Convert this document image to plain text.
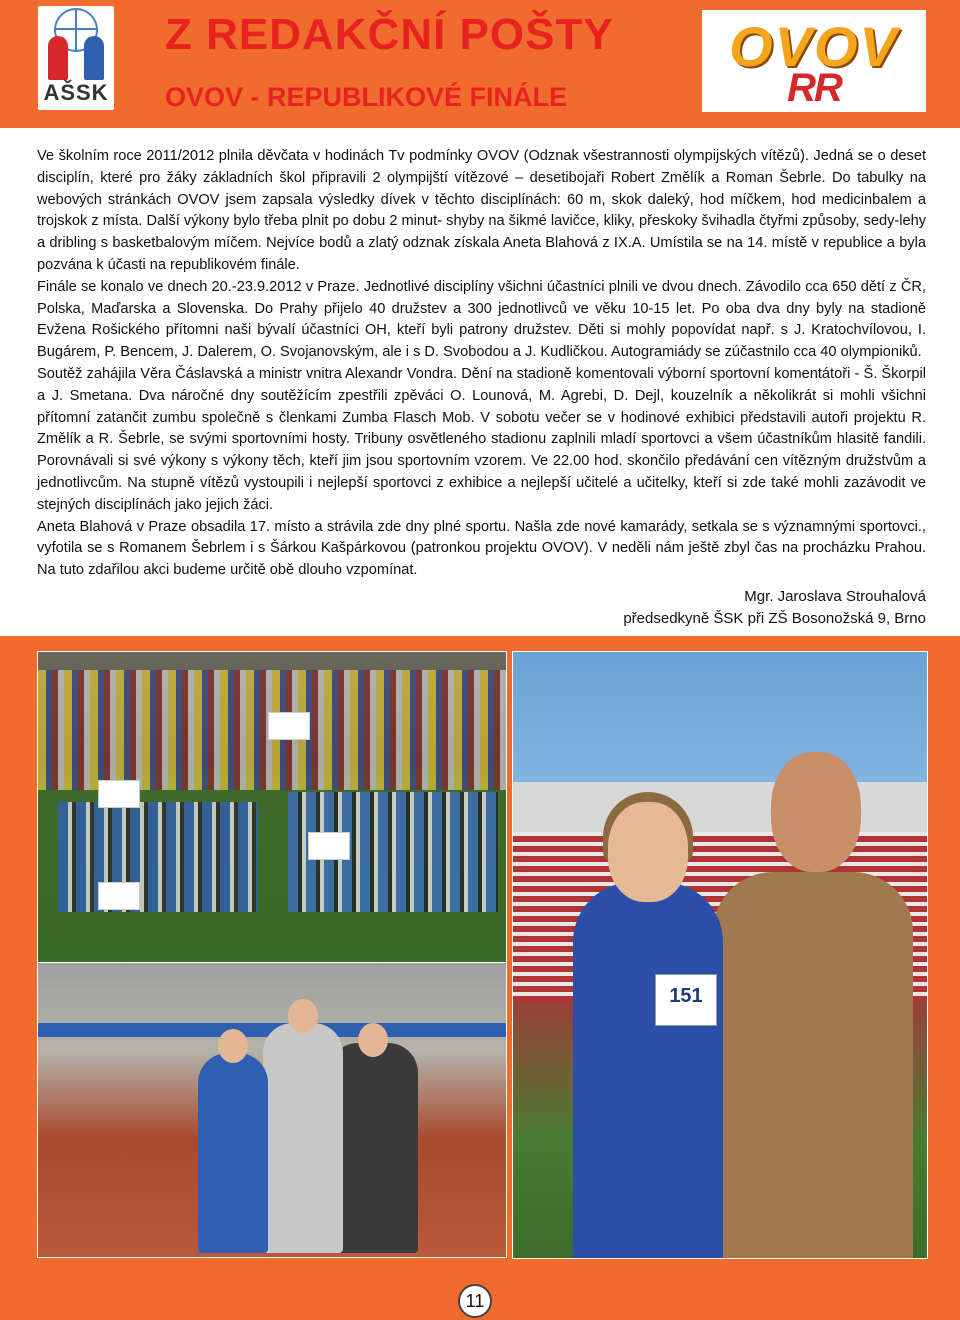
AŠSK
Z REDAKČNÍ POŠTY
OVOV - REPUBLIKOVÉ FINÁLE
OVOV
RR

Ve školním roce 2011/2012 plnila děvčata v hodinách Tv podmínky OVOV (Odznak všestrannosti olympijských vítězů). Jedná se o deset disciplín, které pro žáky základních škol připravili 2 olympijští vítězové – desetibojaři Robert Změlík a Roman Šebrle. Do tabulky na webových stránkách OVOV jsem zapsala výsledky dívek v těchto disciplínách: 60 m, skok daleký, hod míčkem, hod medicinbalem a trojskok z místa. Další výkony bylo třeba plnit po dobu 2 minut- shyby na šikmé lavičce, kliky, přeskoky švihadla čtyřmi způsoby, sedy-lehy a dribling s basketbalovým míčem. Nejvíce bodů a zlatý odznak získala Aneta Blahová z IX.A. Umístila se na 14. místě v republice a byla pozvána k účasti na republikovém finále.

Finále se konalo ve dnech 20.-23.9.2012 v Praze. Jednotlivé disciplíny všichni účastníci plnili ve dvou dnech. Závodilo cca 650 dětí z ČR, Polska, Maďarska a Slovenska. Do Prahy přijelo 40 družstev a 300 jednotlivců ve věku 10-15 let. Po oba dva dny byly na stadioně Evžena Rošického přítomni naši bývalí účastníci OH, kteří byli patrony družstev. Děti si mohly popovídat např. s J. Kratochvílovou, I. Bugárem, P. Bencem, J. Dalerem, O. Svojanovským, ale i s D. Svobodou a J. Kudličkou. Autogramiády se zúčastnilo cca 40 olympioniků.

Soutěž zahájila Věra Čáslavská a ministr vnitra Alexandr Vondra. Dění na stadioně komentovali výborní sportovní komentátoři - Š. Škorpil a J. Smetana. Dva náročné dny soutěžícím zpestřili zpěváci O. Lounová, M. Agrebi, D. Dejl, kouzelník a několikrát si mohli všichni přítomní zatančit zumbu společně s členkami Zumba Flasch Mob. V sobotu večer se v hodinové exhibici představili autoři projektu R. Změlík a R. Šebrle, se svými sportovními hosty. Tribuny osvětleného stadionu zaplnili mladí sportovci a všem účastníkům hlasitě fandili. Porovnávali si své výkony s výkony těch, kteří jim jsou sportovním vzorem. Ve 22.00 hod. skončilo předávání cen vítězným družstvům a jednotlivcům. Na stupně vítězů vystoupili i nejlepší sportovci z exhibice a nejlepší učitelé a učitelky, kteří si zde také mohli zazávodit ve stejných disciplínách jako jejich žáci.

Aneta Blahová v Praze obsadila 17. místo a strávila zde dny plné sportu. Našla zde nové kamarády, setkala se s významnými sportovci., vyfotila se s Romanem Šebrlem i s Šárkou Kašpárkovou (patronkou projektu OVOV). V neděli nám ještě zbyl čas na procházku Prahou. Na tuto zdařilou akci budeme určitě obě dlouho vzpomínat.

Mgr. Jaroslava Strouhalová
předsedkyně ŠSK při ZŠ Bosonožská 9, Brno
151
11
